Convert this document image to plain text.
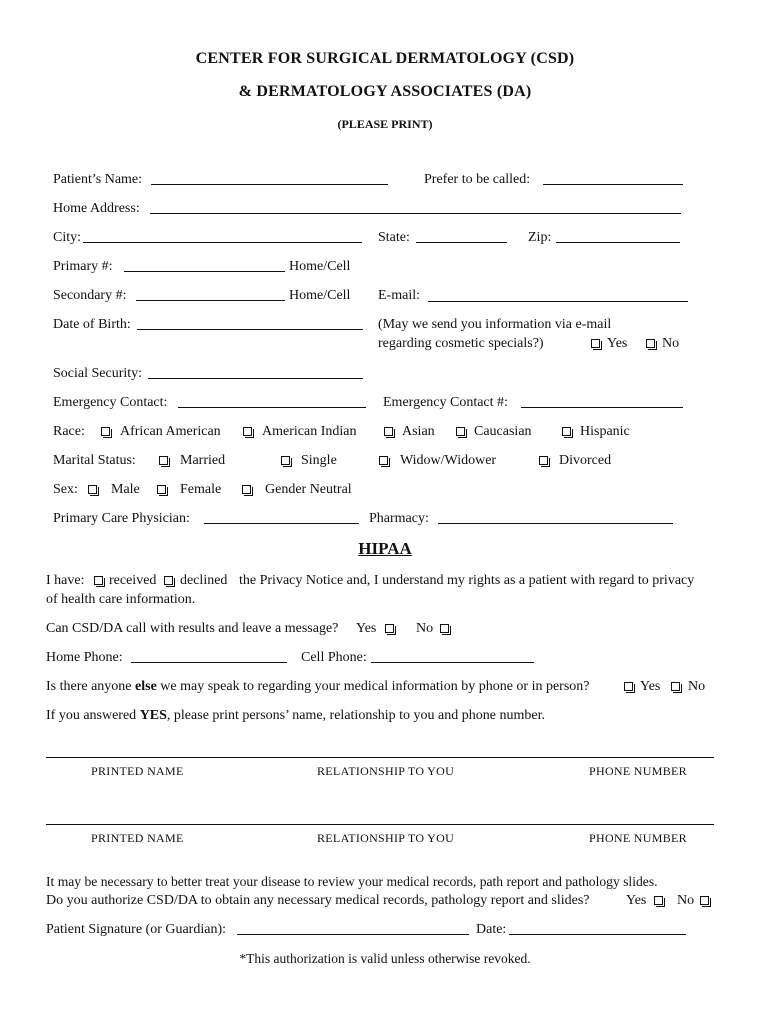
CENTER FOR SURGICAL DERMATOLOGY (CSD)
& DERMATOLOGY ASSOCIATES (DA)
(PLEASE PRINT)
Patient’s Name:	Prefer to be called:
Home Address:
City:	State:	Zip:
Primary #:	Home/Cell
Secondary #:	Home/Cell E-mail:
Date of Birth:	(May we send you information via e-mail
regarding cosmetic specials?)	Yes No
Social Security:
Emergency Contact:	Emergency Contact #:
Race:	African American	American Indian	Asian	Caucasian	Hispanic
Marital Status:	Married	Single	Widow/Widower	Divorced
Sex: Male	Female	Gender Neutral
Primary Care Physician:	Pharmacy:
HIPAA
I have: received declined the Privacy Notice and, I understand my rights as a patient with regard to privacy
of health care information.
Can CSD/DA call with results and leave a message? Yes	No
Home Phone:	Cell Phone:
Is there anyone else we may speak to regarding your medical information by phone or in person?	Yes No
If you answered YES, please print persons’ name, relationship to you and phone number.
PRINTED NAME	RELATIONSHIP TO YOU	PHONE NUMBER
PRINTED NAME	RELATIONSHIP TO YOU	PHONE NUMBER
It may be necessary to better treat your disease to review your medical records, path report and pathology slides.
Do you authorize CSD/DA to obtain any necessary medical records, pathology report and slides?	Yes No
Patient Signature (or Guardian):	Date:
*This authorization is valid unless otherwise revoked.
